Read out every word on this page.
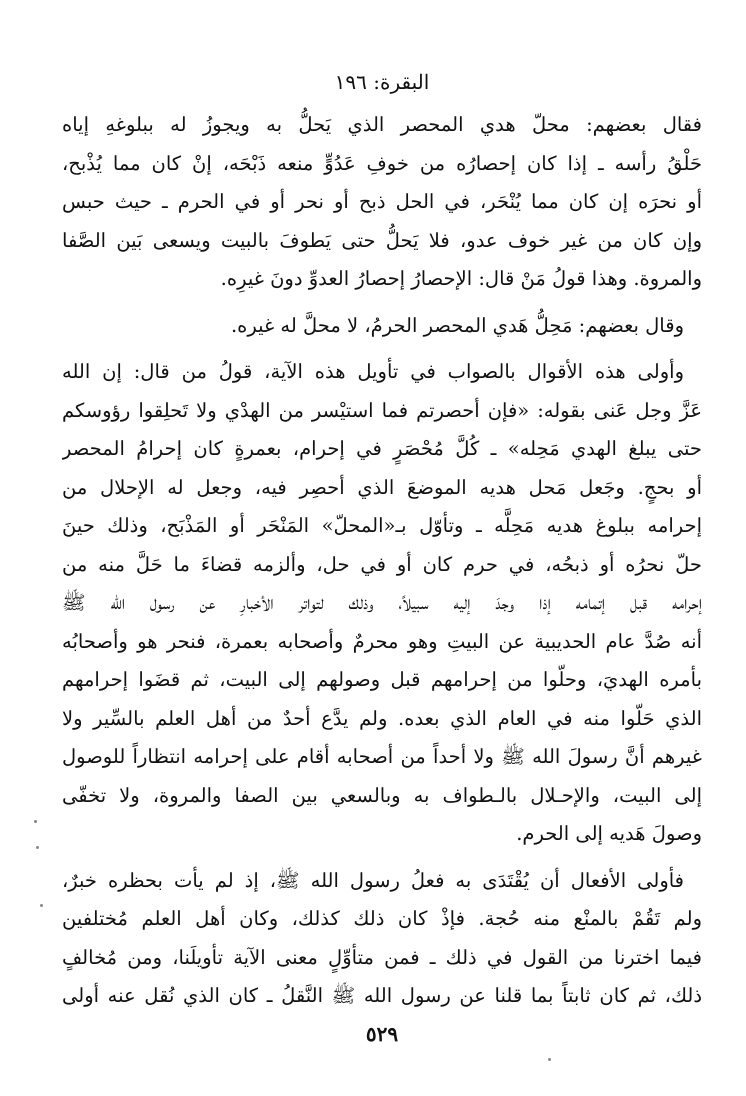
البقرة: ١٩٦
فقال بعضهم: محلّ هدي المحصر الذي يَحلُّ به ويجوزُ له ببلوغهِ إياه
حَلْقُ رأسه ـ إذا كان إحصارُه من خوفِ عَدُوٍّ منعه ذَبْحَه، إنْ كان مما يُذْبح،
أو نحرَه إن كان مما يُنْحَر، في الحل ذبح أو نحر أو في الحرم ـ حيث حبس
وإن كان من غير خوف عدو، فلا يَحلُّ حتى يَطوفَ بالبيت ويسعى بَين الصَّفا
والمروة. وهذا قولُ مَنْ قال: الإحصارُ إحصارُ العدوِّ دونَ غيرِه.
وقال بعضهم: مَحِلُّ هَدي المحصر الحرمُ، لا محلَّ له غيره.
وأولى هذه الأقوال بالصواب في تأويل هذه الآية، قولُ من قال: إن الله
عَزَّ وجل عَنى بقوله: «فإن أحصرتم فما استيْسر من الهدْي ولا تَحلِقوا رؤوسكم
حتى يبلغ الهدي مَحِله» ـ كُلَّ مُحْصَرٍ في إحرام، بعمرةٍ كان إحرامُ المحصر
أو بحجٍ. وجَعل مَحل هديه الموضعَ الذي أحصِر فيه، وجعل له الإحلال من
إحرامه ببلوغ هديه مَحِلَّه ـ وتأوّل بـ«المحلّ» المَنْحَر أو المَذْبَح، وذلك حينَ
حلّ نحرُه أو ذبحُه، في حرم كان أو في حل، وألزمه قضاءَ ما حَلَّ منه من
إحرامه قبل إتمامه إذا وجدَ إليه سبيلاً، وذلك لتواتر الأخبارِ عن رسول الله ﷺ
أنه صُدَّ عام الحديبية عن البيتِ وهو محرمٌ وأصحابه بعمرة، فنحر هو وأصحابُه
بأمره الهديَ، وحلّوا من إحرامهم قبل وصولهم إلى البيت، ثم قضَوا إحرامهم
الذي حَلّوا منه في العام الذي بعده. ولم يدَّع أحدٌ من أهل العلم بالسِّير ولا
غيرهم أنَّ رسولَ الله ﷺ ولا أحداً من أصحابه أقام على إحرامه انتظاراً للوصول
إلى البيت، والإحـلال بالـطواف به وبالسعي بين الصفا والمروة، ولا تخفّى
وصولَ هَديه إلى الحرم.
فأولى الأفعال أن يُقْتَدَى به فعلُ رسول الله ﷺ، إذ لم يأت بحظره خبرٌ،
ولم تَقُمْ بالمنْع منه حُجة. فإذْ كان ذلك كذلك، وكان أهل العلم مُختلفين
فيما اخترنا من القول في ذلك ـ فمن متأوِّلٍ معنى الآية تأويلَنا، ومن مُخالفٍ
ذلك، ثم كان ثابتاً بما قلنا عن رسول الله ﷺ النَّقلُ ـ كان الذي نُقل عنه أولى
٥٢٩
